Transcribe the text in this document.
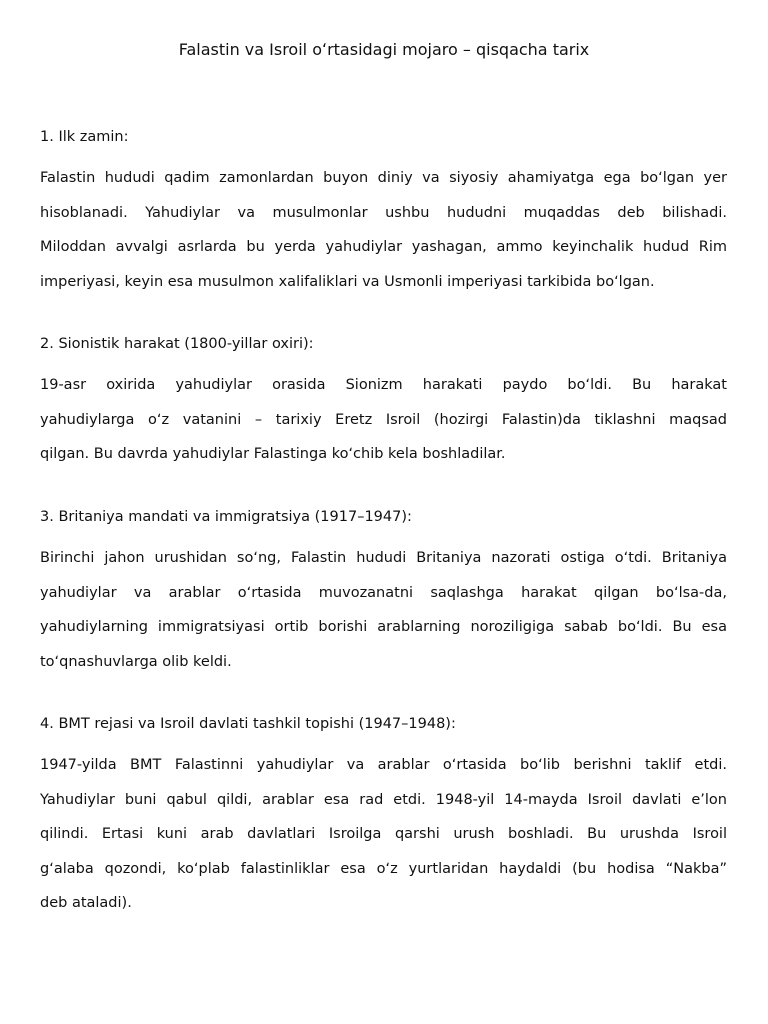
Falastin va Isroil oʻrtasidagi mojaro – qisqacha tarix

1. Ilk zamin:

Falastin hududi qadim zamonlardan buyon diniy va siyosiy ahamiyatga ega boʻlgan yer
hisoblanadi. Yahudiylar va musulmonlar ushbu hududni muqaddas deb bilishadi.
Miloddan avvalgi asrlarda bu yerda yahudiylar yashagan, ammo keyinchalik hudud Rim
imperiyasi, keyin esa musulmon xalifaliklari va Usmonli imperiyasi tarkibida boʻlgan.

2. Sionistik harakat (1800-yillar oxiri):

19-asr oxirida yahudiylar orasida Sionizm harakati paydo boʻldi. Bu harakat
yahudiylarga oʻz vatanini – tarixiy Eretz Isroil (hozirgi Falastin)da tiklashni maqsad
qilgan. Bu davrda yahudiylar Falastinga koʻchib kela boshladilar.

3. Britaniya mandati va immigratsiya (1917–1947):

Birinchi jahon urushidan soʻng, Falastin hududi Britaniya nazorati ostiga oʻtdi. Britaniya
yahudiylar va arablar oʻrtasida muvozanatni saqlashga harakat qilgan boʻlsa-da,
yahudiylarning immigratsiyasi ortib borishi arablarning noroziligiga sabab boʻldi. Bu esa
toʻqnashuvlarga olib keldi.

4. BMT rejasi va Isroil davlati tashkil topishi (1947–1948):

1947-yilda BMT Falastinni yahudiylar va arablar oʻrtasida boʻlib berishni taklif etdi.
Yahudiylar buni qabul qildi, arablar esa rad etdi. 1948-yil 14-mayda Isroil davlati e’lon
qilindi. Ertasi kuni arab davlatlari Isroilga qarshi urush boshladi. Bu urushda Isroil
gʻalaba qozondi, koʻplab falastinliklar esa oʻz yurtlaridan haydaldi (bu hodisa “Nakba”
deb ataladi).
